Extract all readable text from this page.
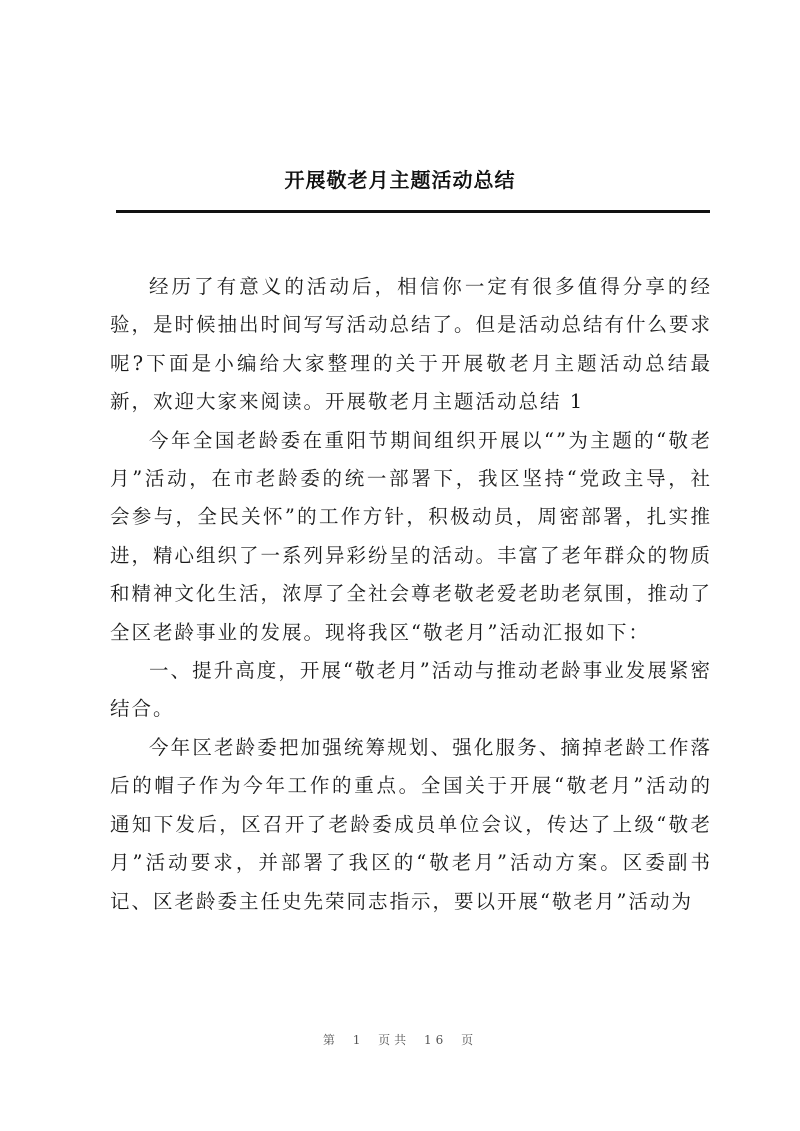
开展敬老月主题活动总结

经历了有意义的活动后，相信你一定有很多值得分享的经验，是时候抽出时间写写活动总结了。但是活动总结有什么要求呢?下面是小编给大家整理的关于开展敬老月主题活动总结最新，欢迎大家来阅读。开展敬老月主题活动总结 1

今年全国老龄委在重阳节期间组织开展以“”为主题的“敬老月”活动，在市老龄委的统一部署下，我区坚持“党政主导，社会参与，全民关怀”的工作方针，积极动员，周密部署，扎实推进，精心组织了一系列异彩纷呈的活动。丰富了老年群众的物质和精神文化生活，浓厚了全社会尊老敬老爱老助老氛围，推动了全区老龄事业的发展。现将我区“敬老月”活动汇报如下：

一、提升高度，开展“敬老月”活动与推动老龄事业发展紧密结合。

今年区老龄委把加强统筹规划、强化服务、摘掉老龄工作落后的帽子作为今年工作的重点。全国关于开展“敬老月”活动的通知下发后，区召开了老龄委成员单位会议，传达了上级“敬老月”活动要求，并部署了我区的“敬老月”活动方案。区委副书记、区老龄委主任史先荣同志指示，要以开展“敬老月”活动为

第 1 页共 16 页
